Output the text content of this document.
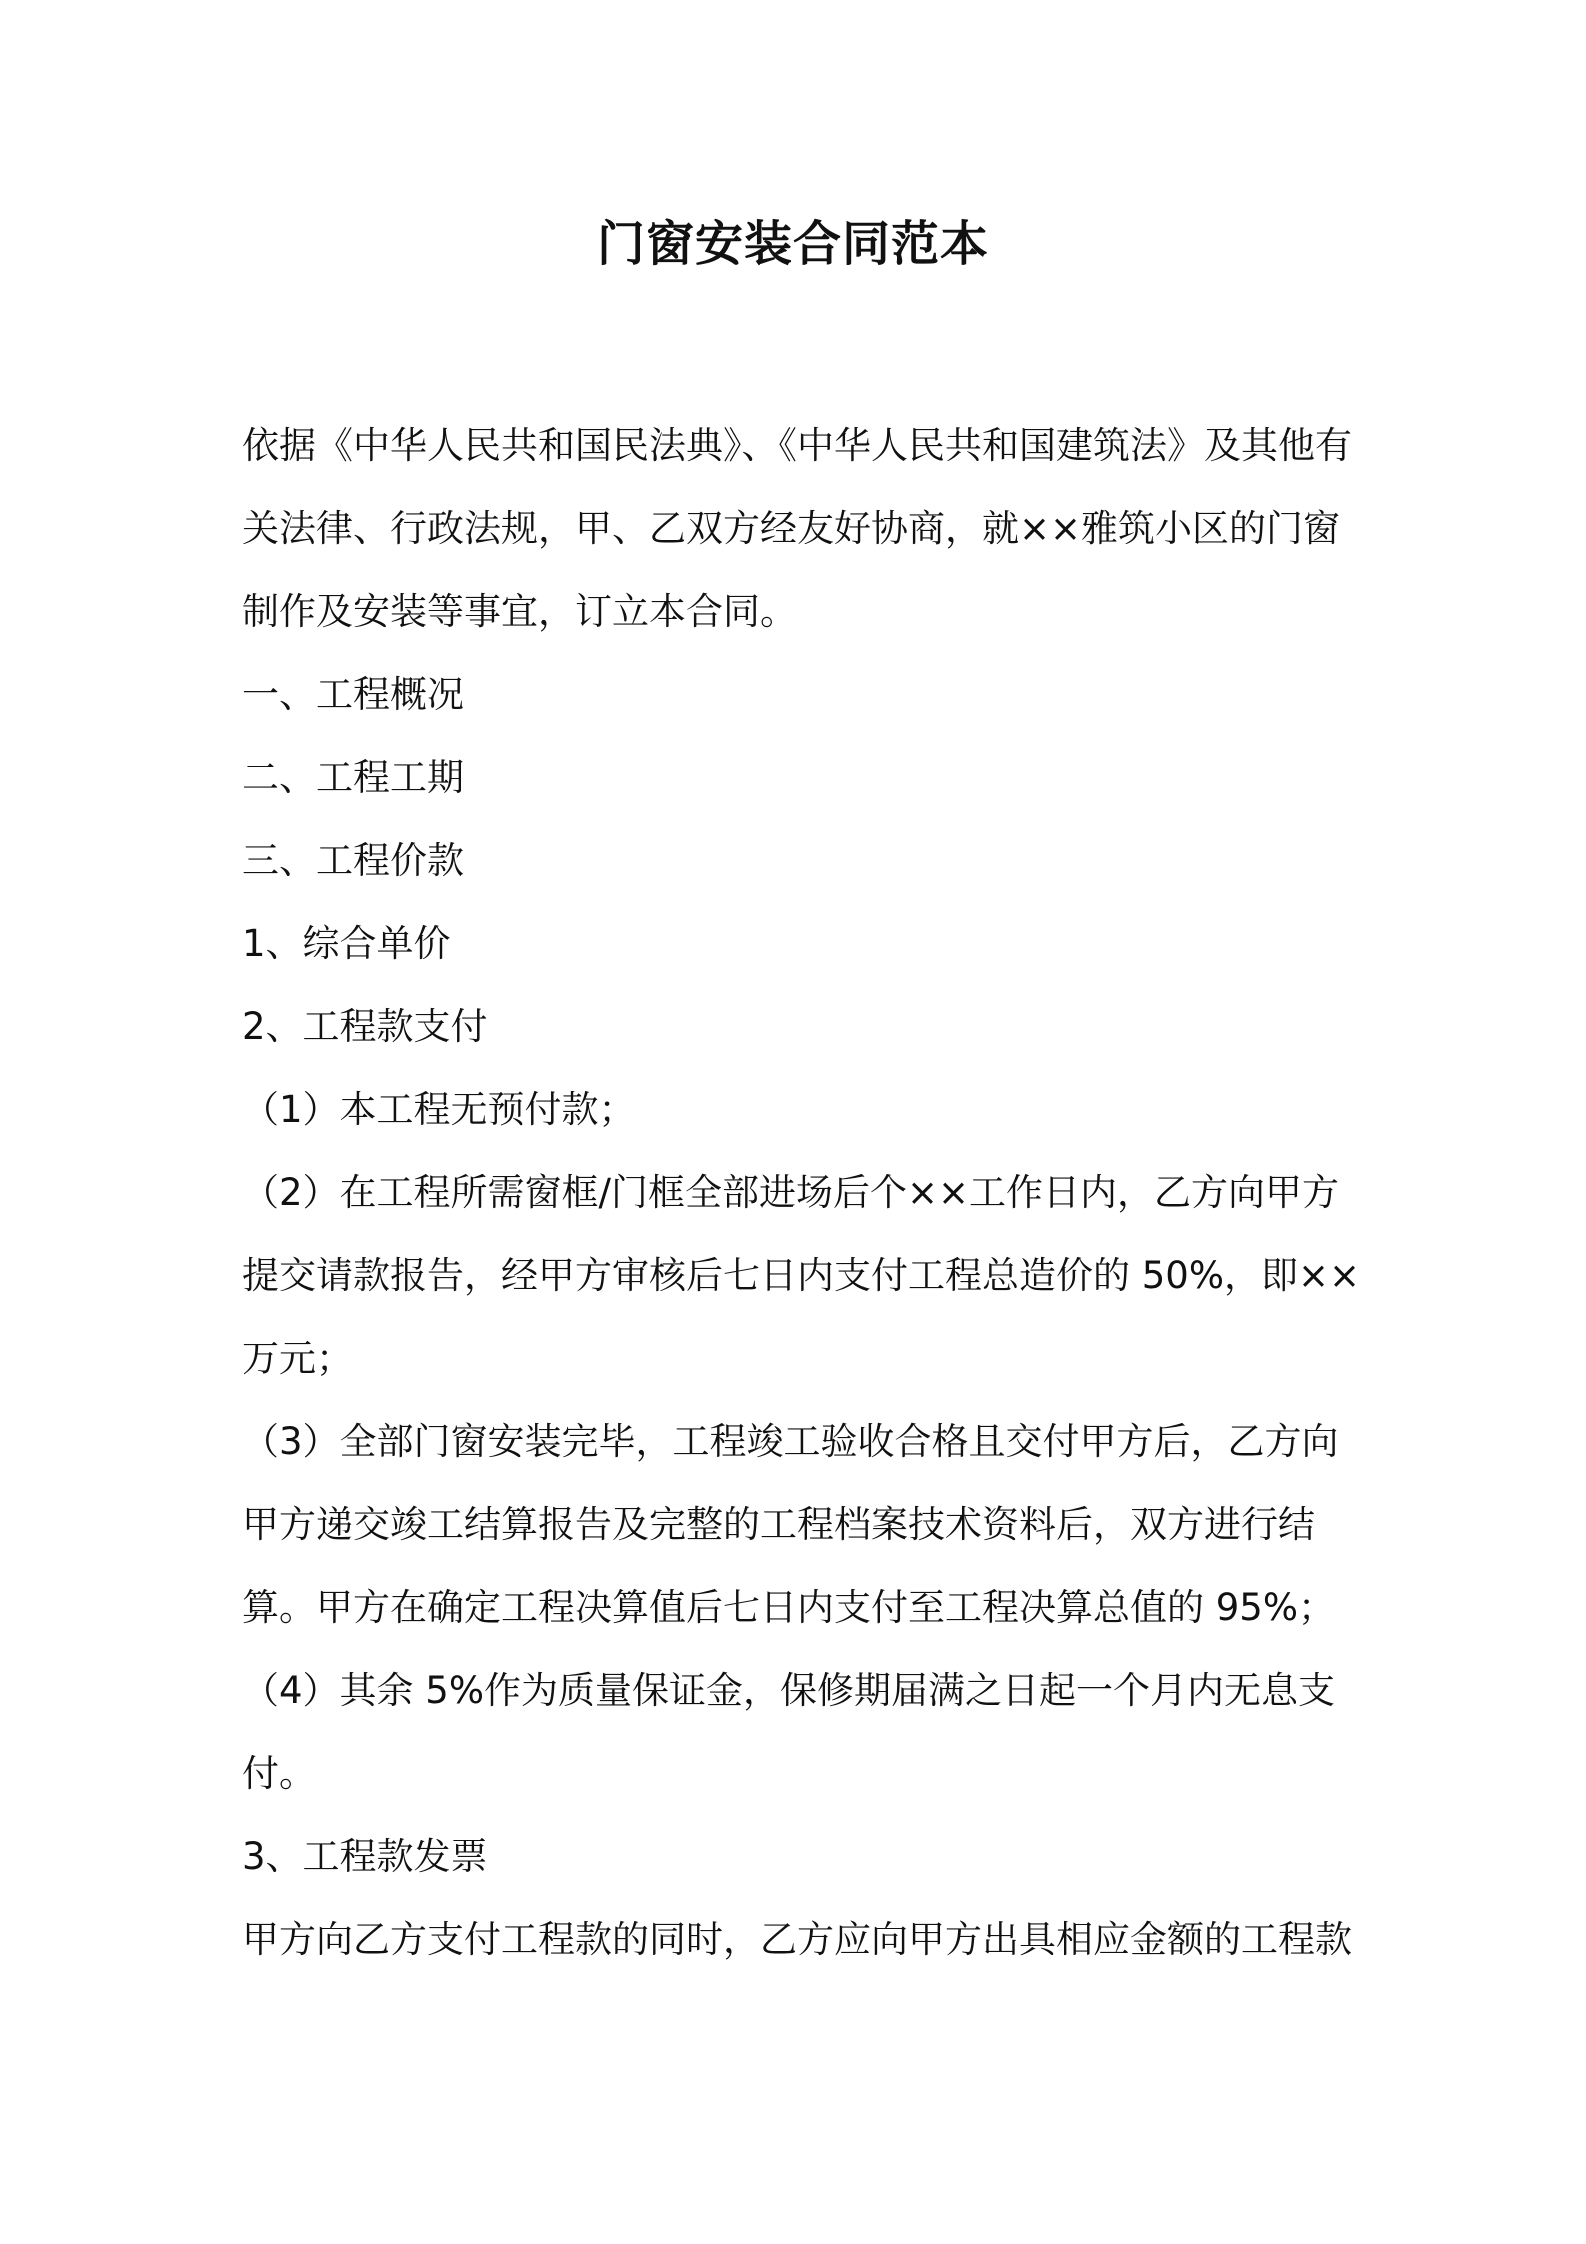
门窗安装合同范本

依据《中华人民共和国民法典》、《中华人民共和国建筑法》及其他有关法律、行政法规，甲、乙双方经友好协商，就××雅筑小区的门窗制作及安装等事宜，订立本合同。

一、工程概况

二、工程工期

三、工程价款

1、综合单价

2、工程款支付

（1）本工程无预付款；

（2）在工程所需窗框/门框全部进场后个××工作日内，乙方向甲方提交请款报告，经甲方审核后七日内支付工程总造价的 50%，即××万元；

（3）全部门窗安装完毕，工程竣工验收合格且交付甲方后，乙方向甲方递交竣工结算报告及完整的工程档案技术资料后，双方进行结算。甲方在确定工程决算值后七日内支付至工程决算总值的 95%；

（4）其余 5%作为质量保证金，保修期届满之日起一个月内无息支付。

3、工程款发票

甲方向乙方支付工程款的同时，乙方应向甲方出具相应金额的工程款
